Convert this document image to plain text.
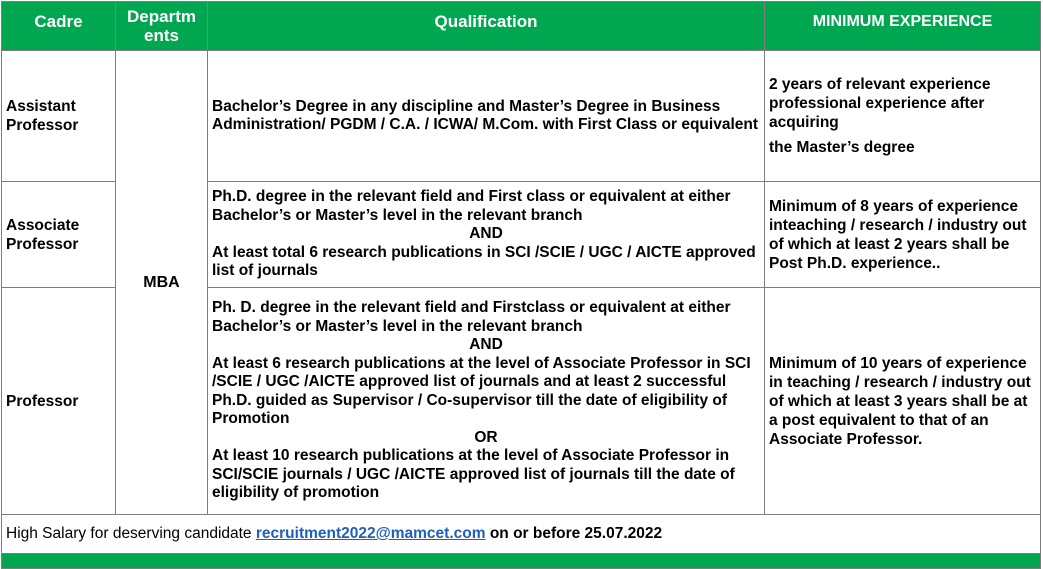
Cadre	Departments	Qualification	MINIMUM EXPERIENCE
Assistant Professor	MBA	Bachelor’s Degree in any discipline and Master’s Degree in Business Administration/ PGDM / C.A. / ICWA/ M.Com. with First Class or equivalent	2 years of relevant experience professional experience after acquiring
the Master’s degree

Associate Professor		Ph.D. degree in the relevant field and First class or equivalent at either Bachelor’s or Master’s level in the relevant branch
AND
At least total 6 research publications in SCI /SCIE / UGC / AICTE approved list of journals	Minimum of 8 years of experience inteaching / research / industry out of which at least 2 years shall be Post Ph.D. experience..
Professor		Ph. D. degree in the relevant field and Firstclass or equivalent at either Bachelor’s or Master’s level in the relevant branch
AND
At least 6 research publications at the level of Associate Professor in SCI /SCIE / UGC /AICTE approved list of journals and at least 2 successful Ph.D. guided as Supervisor / Co-supervisor till the date of eligibility of Promotion
OR
At least 10 research publications at the level of Associate Professor in SCI/SCIE journals / UGC /AICTE approved list of journals till the date of eligibility of promotion	Minimum of 10 years of experience in teaching / research / industry out of which at least 3 years shall be at a post equivalent to that of an Associate Professor.
High Salary for deserving candidate recruitment2022@mamcet.com on or before 25.07.2022			
